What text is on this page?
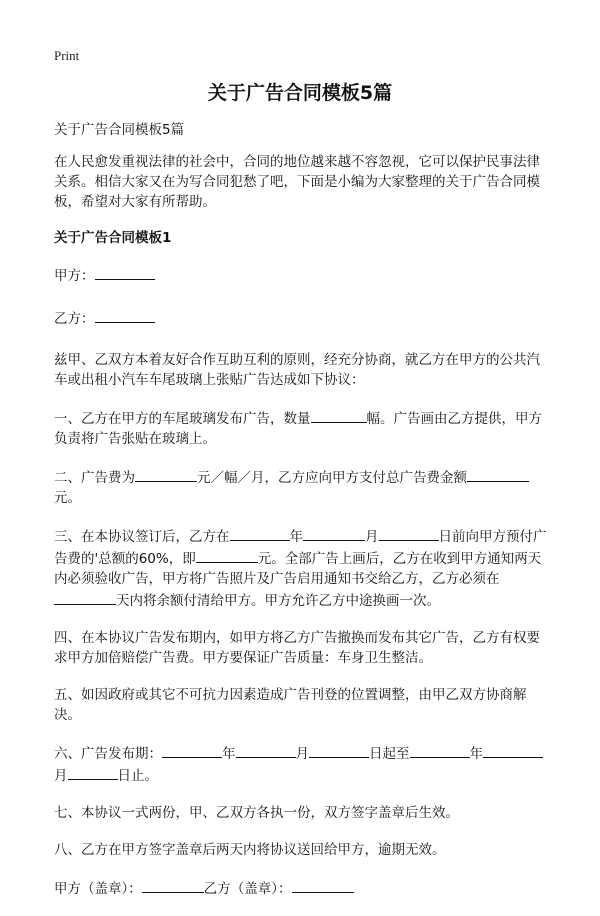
Print
关于广告合同模板5篇

关于广告合同模板5篇

在人民愈发重视法律的社会中，合同的地位越来越不容忽视，它可以保护民事法律关系。相信大家又在为写合同犯愁了吧，下面是小编为大家整理的关于广告合同模板，希望对大家有所帮助。

关于广告合同模板1

甲方：

乙方：

兹甲、乙双方本着友好合作互助互利的原则，经充分协商，就乙方在甲方的公共汽车或出租小汽车车尾玻璃上张贴广告达成如下协议：

一、乙方在甲方的车尾玻璃发布广告，数量	幅。广告画由乙方提供，甲方负责将广告张贴在玻璃上。

二、广告费为	元／幅／月，乙方应向甲方支付总广告费金额元。

三、在本协议签订后，乙方在	年	月	日前向甲方预付广告费的'总额的60%，即	元。全部广告上画后，乙方在收到甲方通知两天内必须验收广告，甲方将广告照片及广告启用通知书交给乙方，乙方必须在天内将余额付清给甲方。甲方允许乙方中途换画一次。

四、在本协议广告发布期内，如甲方将乙方广告撤换而发布其它广告，乙方有权要求甲方加倍赔偿广告费。甲方要保证广告质量：车身卫生整洁。

五、如因政府或其它不可抗力因素造成广告刊登的位置调整，由甲乙双方协商解决。

六、广告发布期：	年	月	日起至	年月	日止。

七、本协议一式两份，甲、乙双方各执一份，双方签字盖章后生效。

八、乙方在甲方签字盖章后两天内将协议送回给甲方，逾期无效。

甲方（盖章）：	乙方（盖章）：
